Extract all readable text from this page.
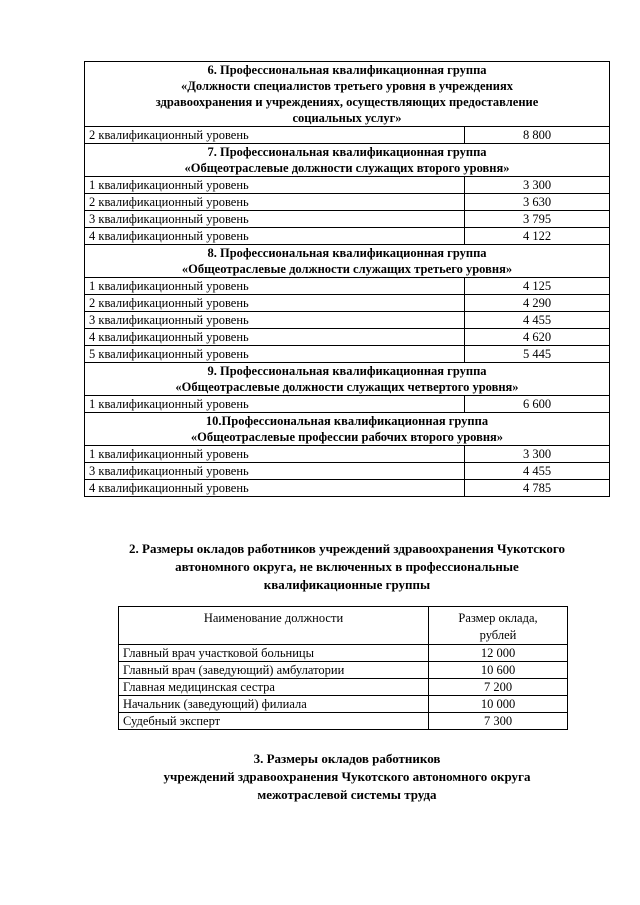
6. Профессиональная квалификационная группа
«Должности специалистов третьего уровня в учреждениях
здравоохранения и учреждениях, осуществляющих предоставление
социальных услуг»	

2 квалификационный уровень	8 800

7. Профессиональная квалификационная группа
«Общеотраслевые должности служащих второго уровня»	

1 квалификационный уровень	3 300
2 квалификационный уровень	3 630
3 квалификационный уровень	3 795
4 квалификационный уровень	4 122

8. Профессиональная квалификационная группа
«Общеотраслевые должности служащих третьего уровня»	

1 квалификационный уровень	4 125
2 квалификационный уровень	4 290
3 квалификационный уровень	4 455
4 квалификационный уровень	4 620
5 квалификационный уровень	5 445

9. Профессиональная квалификационная группа
«Общеотраслевые должности служащих четвертого уровня»	

1 квалификационный уровень	6 600

10.Профессиональная квалификационная группа
«Общеотраслевые профессии рабочих второго уровня»	

1 квалификационный уровень	3 300
3 квалификационный уровень	4 455
4 квалификационный уровень	4 785
2. Размеры окладов работников учреждений здравоохранения Чукотского
автономного округа, не включенных в профессиональные
квалификационные группы
Наименование должности	Размер оклада,
рублей

Главный врач участковой больницы	12 000
Главный врач (заведующий) амбулатории	10 600
Главная медицинская сестра	7 200
Начальник (заведующий) филиала	10 000
Судебный эксперт	7 300
3. Размеры окладов работников
учреждений здравоохранения Чукотского автономного округа
межотраслевой системы труда
